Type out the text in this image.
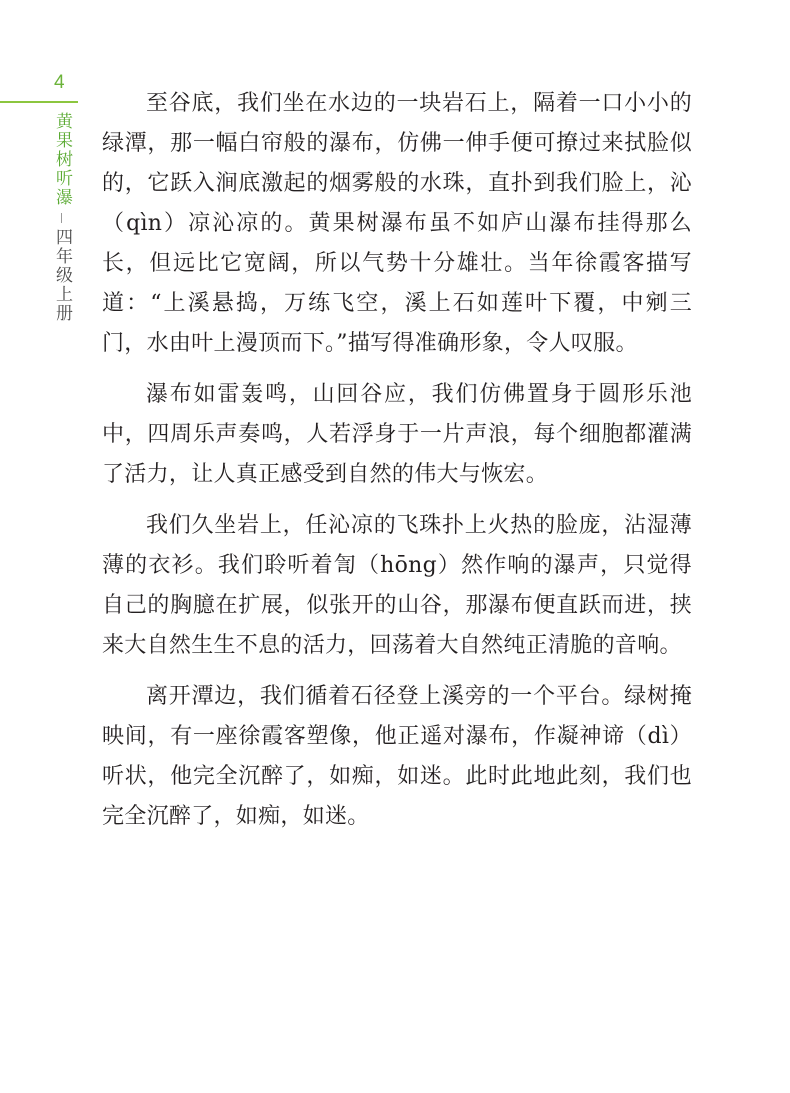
4
黄果树听瀑
四年级上册

至谷底，我们坐在水边的一块岩石上，隔着一口小小的绿潭，那一幅白帘般的瀑布，仿佛一伸手便可撩过来拭脸似的，它跃入涧底激起的烟雾般的水珠，直扑到我们脸上，沁（qìn）凉沁凉的。黄果树瀑布虽不如庐山瀑布挂得那么长，但远比它宽阔，所以气势十分雄壮。当年徐霞客描写道：“上溪悬捣，万练飞空，溪上石如莲叶下覆，中剜三门，水由叶上漫顶而下。”描写得准确形象，令人叹服。

瀑布如雷轰鸣，山回谷应，我们仿佛置身于圆形乐池中，四周乐声奏鸣，人若浮身于一片声浪，每个细胞都灌满了活力，让人真正感受到自然的伟大与恢宏。

我们久坐岩上，任沁凉的飞珠扑上火热的脸庞，沾湿薄薄的衣衫。我们聆听着訇（hōng）然作响的瀑声，只觉得自己的胸臆在扩展，似张开的山谷，那瀑布便直跃而进，挟来大自然生生不息的活力，回荡着大自然纯正清脆的音响。

离开潭边，我们循着石径登上溪旁的一个平台。绿树掩映间，有一座徐霞客塑像，他正遥对瀑布，作凝神谛（dì）听状，他完全沉醉了，如痴，如迷。此时此地此刻，我们也完全沉醉了，如痴，如迷。
